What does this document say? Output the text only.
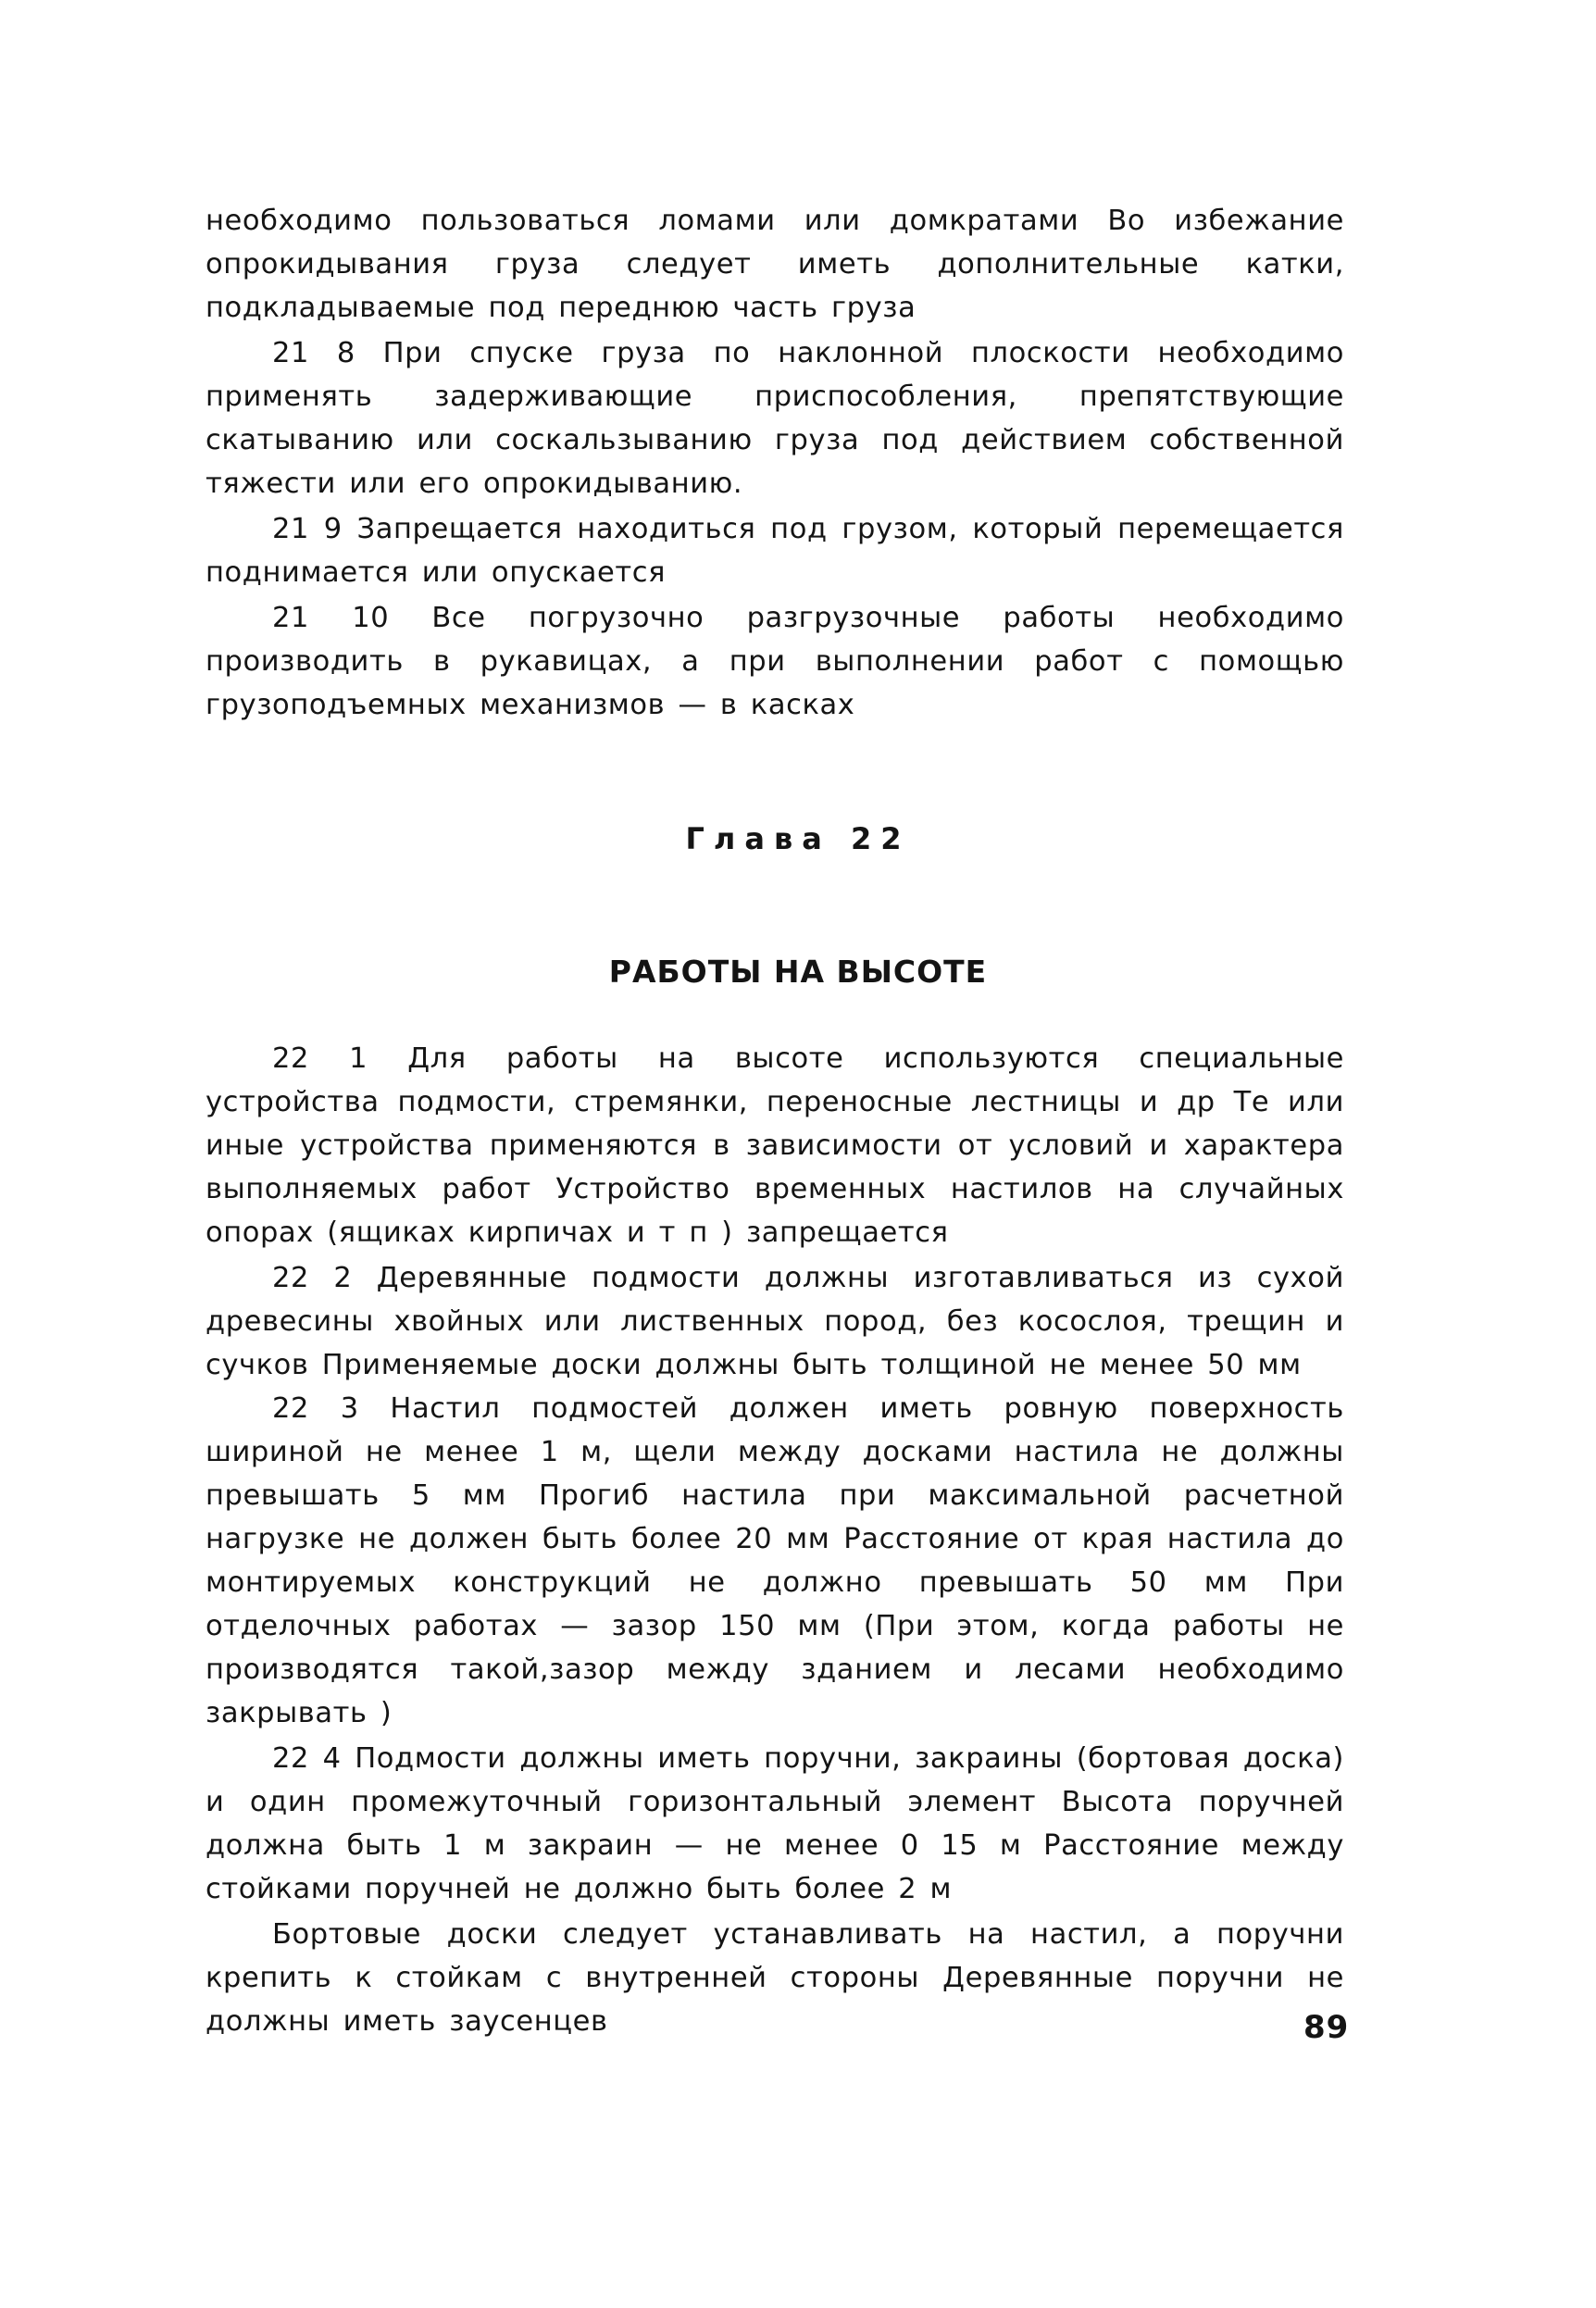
необходимо пользоваться ломами или домкратами Во избежание опрокидывания груза следует иметь дополнительные катки, подкладываемые под переднюю часть груза

21 8 При спуске груза по наклонной плоскости необходимо применять задерживающие приспособления, препятствующие скатыванию или соскальзыванию груза под действием собственной тяжести или его опрокидыванию.

21 9 Запрещается находиться под грузом, который перемещается поднимается или опускается

21 10 Все погрузочно разгрузочные работы необходимо производить в рукавицах, а при выполнении работ с помощью грузоподъемных механизмов — в касках

Глава 22
РАБОТЫ НА ВЫСОТЕ

22 1 Для работы на высоте используются специальные устройства подмости, стремянки, переносные лестницы и др Те или иные устройства применяются в зависимости от условий и характера выполняемых работ Устройство временных настилов на случайных опорах (ящиках кирпичах и т п ) запрещается

22 2 Деревянные подмости должны изготавливаться из сухой древесины хвойных или лиственных пород, без косослоя, трещин и сучков Применяемые доски должны быть толщиной не менее 50 мм

22 3 Настил подмостей должен иметь ровную поверхность шириной не менее 1 м, щели между досками настила не должны превышать 5 мм Прогиб настила при максимальной расчетной нагрузке не должен быть более 20 мм Расстояние от края настила до монтируемых конструкций не должно превышать 50 мм При отделочных работах — зазор 150 мм (При этом, когда работы не производятся такой,зазор между зданием и лесами необходимо закрывать )

22 4 Подмости должны иметь поручни, закраины (бортовая доска) и один промежуточный горизонтальный элемент Высота поручней должна быть 1 м закраин — не менее 0 15 м Расстояние между стойками поручней не должно быть более 2 м

Бортовые доски следует устанавливать на настил, а поручни крепить к стойкам с внутренней стороны Деревянные поручни не должны иметь заусенцев	89
